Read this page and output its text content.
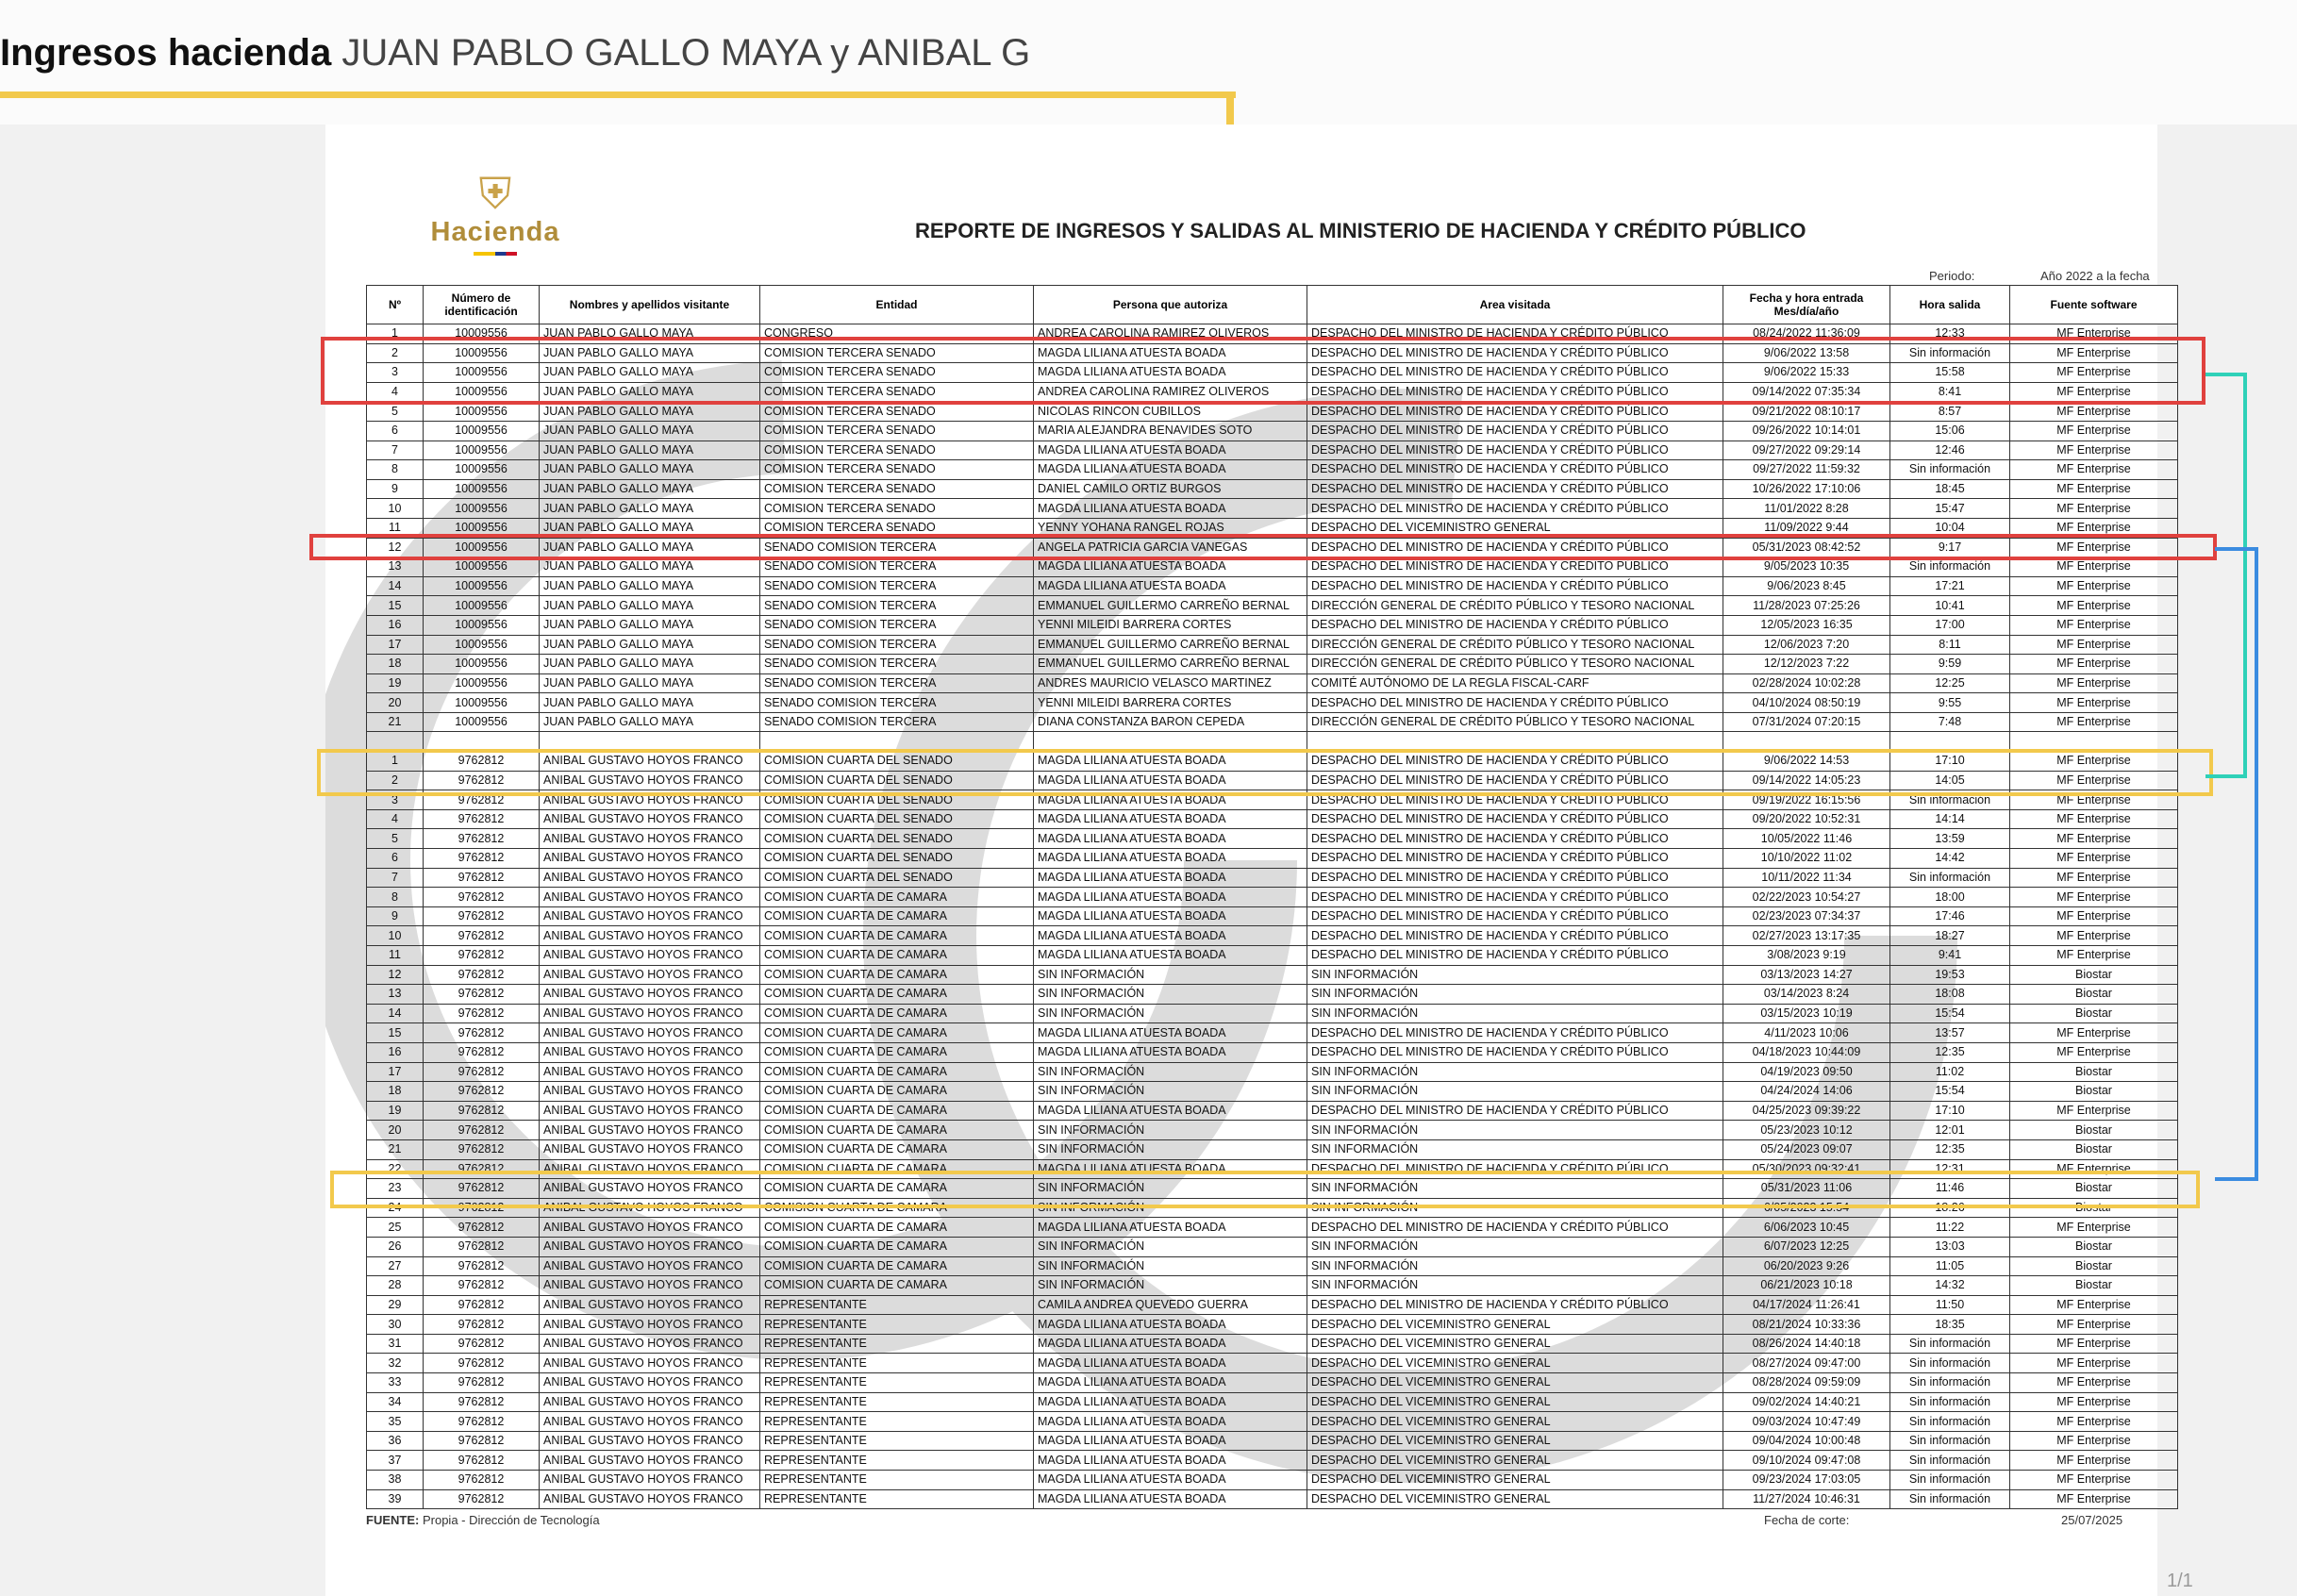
Ingresos hacienda JUAN PABLO GALLO MAYA y ANIBAL G
⛨
Hacienda	REPORTE DE INGRESOS Y SALIDAS AL MINISTERIO DE HACIENDA Y CRÉDITO PÚBLICO
Periodo:	Año 2022 a la fecha
Nº	Número de identificación	Nombres y apellidos visitante	Entidad	Persona que autoriza	Area visitada	Fecha y hora entrada Mes/día/año	Hora salida	Fuente software
1	10009556	JUAN PABLO GALLO MAYA	CONGRESO	ANDREA CAROLINA RAMIREZ OLIVEROS	DESPACHO DEL MINISTRO DE HACIENDA Y CRÉDITO PÚBLICO	08/24/2022 11:36:09	12:33	MF Enterprise
2	10009556	JUAN PABLO GALLO MAYA	COMISION TERCERA SENADO	MAGDA LILIANA ATUESTA BOADA	DESPACHO DEL MINISTRO DE HACIENDA Y CRÉDITO PÚBLICO	9/06/2022 13:58	Sin información	MF Enterprise
3	10009556	JUAN PABLO GALLO MAYA	COMISION TERCERA SENADO	MAGDA LILIANA ATUESTA BOADA	DESPACHO DEL MINISTRO DE HACIENDA Y CRÉDITO PÚBLICO	9/06/2022 15:33	15:58	MF Enterprise
4	10009556	JUAN PABLO GALLO MAYA	COMISION TERCERA SENADO	ANDREA CAROLINA RAMIREZ OLIVEROS	DESPACHO DEL MINISTRO DE HACIENDA Y CRÉDITO PÚBLICO	09/14/2022 07:35:34	8:41	MF Enterprise
5	10009556	JUAN PABLO GALLO MAYA	COMISION TERCERA SENADO	NICOLAS RINCON CUBILLOS	DESPACHO DEL MINISTRO DE HACIENDA Y CRÉDITO PÚBLICO	09/21/2022 08:10:17	8:57	MF Enterprise
6	10009556	JUAN PABLO GALLO MAYA	COMISION TERCERA SENADO	MARIA ALEJANDRA BENAVIDES SOTO	DESPACHO DEL MINISTRO DE HACIENDA Y CRÉDITO PÚBLICO	09/26/2022 10:14:01	15:06	MF Enterprise
7	10009556	JUAN PABLO GALLO MAYA	COMISION TERCERA SENADO	MAGDA LILIANA ATUESTA BOADA	DESPACHO DEL MINISTRO DE HACIENDA Y CRÉDITO PÚBLICO	09/27/2022 09:29:14	12:46	MF Enterprise
8	10009556	JUAN PABLO GALLO MAYA	COMISION TERCERA SENADO	MAGDA LILIANA ATUESTA BOADA	DESPACHO DEL MINISTRO DE HACIENDA Y CRÉDITO PÚBLICO	09/27/2022 11:59:32	Sin información	MF Enterprise
9	10009556	JUAN PABLO GALLO MAYA	COMISION TERCERA SENADO	DANIEL CAMILO ORTIZ BURGOS	DESPACHO DEL MINISTRO DE HACIENDA Y CRÉDITO PÚBLICO	10/26/2022 17:10:06	18:45	MF Enterprise
10	10009556	JUAN PABLO GALLO MAYA	COMISION TERCERA SENADO	MAGDA LILIANA ATUESTA BOADA	DESPACHO DEL MINISTRO DE HACIENDA Y CRÉDITO PÚBLICO	11/01/2022 8:28	15:47	MF Enterprise
11	10009556	JUAN PABLO GALLO MAYA	COMISION TERCERA SENADO	YENNY YOHANA RANGEL ROJAS	DESPACHO DEL VICEMINISTRO GENERAL	11/09/2022 9:44	10:04	MF Enterprise
12	10009556	JUAN PABLO GALLO MAYA	SENADO COMISION TERCERA	ANGELA PATRICIA GARCIA VANEGAS	DESPACHO DEL MINISTRO DE HACIENDA Y CRÉDITO PÚBLICO	05/31/2023 08:42:52	9:17	MF Enterprise
13	10009556	JUAN PABLO GALLO MAYA	SENADO COMISION TERCERA	MAGDA LILIANA ATUESTA BOADA	DESPACHO DEL MINISTRO DE HACIENDA Y CRÉDITO PÚBLICO	9/05/2023 10:35	Sin información	MF Enterprise
14	10009556	JUAN PABLO GALLO MAYA	SENADO COMISION TERCERA	MAGDA LILIANA ATUESTA BOADA	DESPACHO DEL MINISTRO DE HACIENDA Y CRÉDITO PÚBLICO	9/06/2023 8:45	17:21	MF Enterprise
15	10009556	JUAN PABLO GALLO MAYA	SENADO COMISION TERCERA	EMMANUEL GUILLERMO CARREÑO BERNAL	DIRECCIÓN GENERAL DE CRÉDITO PÚBLICO Y TESORO NACIONAL	11/28/2023 07:25:26	10:41	MF Enterprise
16	10009556	JUAN PABLO GALLO MAYA	SENADO COMISION TERCERA	YENNI MILEIDI BARRERA CORTES	DESPACHO DEL MINISTRO DE HACIENDA Y CRÉDITO PÚBLICO	12/05/2023 16:35	17:00	MF Enterprise
17	10009556	JUAN PABLO GALLO MAYA	SENADO COMISION TERCERA	EMMANUEL GUILLERMO CARREÑO BERNAL	DIRECCIÓN GENERAL DE CRÉDITO PÚBLICO Y TESORO NACIONAL	12/06/2023 7:20	8:11	MF Enterprise
18	10009556	JUAN PABLO GALLO MAYA	SENADO COMISION TERCERA	EMMANUEL GUILLERMO CARREÑO BERNAL	DIRECCIÓN GENERAL DE CRÉDITO PÚBLICO Y TESORO NACIONAL	12/12/2023 7:22	9:59	MF Enterprise
19	10009556	JUAN PABLO GALLO MAYA	SENADO COMISION TERCERA	ANDRES MAURICIO VELASCO MARTINEZ	COMITÉ AUTÓNOMO DE LA REGLA FISCAL-CARF	02/28/2024 10:02:28	12:25	MF Enterprise
20	10009556	JUAN PABLO GALLO MAYA	SENADO COMISION TERCERA	YENNI MILEIDI BARRERA CORTES	DESPACHO DEL MINISTRO DE HACIENDA Y CRÉDITO PÚBLICO	04/10/2024 08:50:19	9:55	MF Enterprise
21	10009556	JUAN PABLO GALLO MAYA	SENADO COMISION TERCERA	DIANA CONSTANZA BARON CEPEDA	DIRECCIÓN GENERAL DE CRÉDITO PÚBLICO Y TESORO NACIONAL	07/31/2024 07:20:15	7:48	MF Enterprise

1	9762812	ANIBAL GUSTAVO HOYOS FRANCO	COMISION CUARTA DEL SENADO	MAGDA LILIANA ATUESTA BOADA	DESPACHO DEL MINISTRO DE HACIENDA Y CRÉDITO PÚBLICO	9/06/2022 14:53	17:10	MF Enterprise
2	9762812	ANIBAL GUSTAVO HOYOS FRANCO	COMISION CUARTA DEL SENADO	MAGDA LILIANA ATUESTA BOADA	DESPACHO DEL MINISTRO DE HACIENDA Y CRÉDITO PÚBLICO	09/14/2022 14:05:23	14:05	MF Enterprise
3	9762812	ANIBAL GUSTAVO HOYOS FRANCO	COMISION CUARTA DEL SENADO	MAGDA LILIANA ATUESTA BOADA	DESPACHO DEL MINISTRO DE HACIENDA Y CRÉDITO PÚBLICO	09/19/2022 16:15:56	Sin información	MF Enterprise
4	9762812	ANIBAL GUSTAVO HOYOS FRANCO	COMISION CUARTA DEL SENADO	MAGDA LILIANA ATUESTA BOADA	DESPACHO DEL MINISTRO DE HACIENDA Y CRÉDITO PÚBLICO	09/20/2022 10:52:31	14:14	MF Enterprise
5	9762812	ANIBAL GUSTAVO HOYOS FRANCO	COMISION CUARTA DEL SENADO	MAGDA LILIANA ATUESTA BOADA	DESPACHO DEL MINISTRO DE HACIENDA Y CRÉDITO PÚBLICO	10/05/2022 11:46	13:59	MF Enterprise
6	9762812	ANIBAL GUSTAVO HOYOS FRANCO	COMISION CUARTA DEL SENADO	MAGDA LILIANA ATUESTA BOADA	DESPACHO DEL MINISTRO DE HACIENDA Y CRÉDITO PÚBLICO	10/10/2022 11:02	14:42	MF Enterprise
7	9762812	ANIBAL GUSTAVO HOYOS FRANCO	COMISION CUARTA DEL SENADO	MAGDA LILIANA ATUESTA BOADA	DESPACHO DEL MINISTRO DE HACIENDA Y CRÉDITO PÚBLICO	10/11/2022 11:34	Sin información	MF Enterprise
8	9762812	ANIBAL GUSTAVO HOYOS FRANCO	COMISION CUARTA DE CAMARA	MAGDA LILIANA ATUESTA BOADA	DESPACHO DEL MINISTRO DE HACIENDA Y CRÉDITO PÚBLICO	02/22/2023 10:54:27	18:00	MF Enterprise
9	9762812	ANIBAL GUSTAVO HOYOS FRANCO	COMISION CUARTA DE CAMARA	MAGDA LILIANA ATUESTA BOADA	DESPACHO DEL MINISTRO DE HACIENDA Y CRÉDITO PÚBLICO	02/23/2023 07:34:37	17:46	MF Enterprise
10	9762812	ANIBAL GUSTAVO HOYOS FRANCO	COMISION CUARTA DE CAMARA	MAGDA LILIANA ATUESTA BOADA	DESPACHO DEL MINISTRO DE HACIENDA Y CRÉDITO PÚBLICO	02/27/2023 13:17:35	18:27	MF Enterprise
11	9762812	ANIBAL GUSTAVO HOYOS FRANCO	COMISION CUARTA DE CAMARA	MAGDA LILIANA ATUESTA BOADA	DESPACHO DEL MINISTRO DE HACIENDA Y CRÉDITO PÚBLICO	3/08/2023 9:19	9:41	MF Enterprise
12	9762812	ANIBAL GUSTAVO HOYOS FRANCO	COMISION CUARTA DE CAMARA	SIN INFORMACIÓN	SIN INFORMACIÓN	03/13/2023 14:27	19:53	Biostar
13	9762812	ANIBAL GUSTAVO HOYOS FRANCO	COMISION CUARTA DE CAMARA	SIN INFORMACIÓN	SIN INFORMACIÓN	03/14/2023 8:24	18:08	Biostar
14	9762812	ANIBAL GUSTAVO HOYOS FRANCO	COMISION CUARTA DE CAMARA	SIN INFORMACIÓN	SIN INFORMACIÓN	03/15/2023 10:19	15:54	Biostar
15	9762812	ANIBAL GUSTAVO HOYOS FRANCO	COMISION CUARTA DE CAMARA	MAGDA LILIANA ATUESTA BOADA	DESPACHO DEL MINISTRO DE HACIENDA Y CRÉDITO PÚBLICO	4/11/2023 10:06	13:57	MF Enterprise
16	9762812	ANIBAL GUSTAVO HOYOS FRANCO	COMISION CUARTA DE CAMARA	MAGDA LILIANA ATUESTA BOADA	DESPACHO DEL MINISTRO DE HACIENDA Y CRÉDITO PÚBLICO	04/18/2023 10:44:09	12:35	MF Enterprise
17	9762812	ANIBAL GUSTAVO HOYOS FRANCO	COMISION CUARTA DE CAMARA	SIN INFORMACIÓN	SIN INFORMACIÓN	04/19/2023 09:50	11:02	Biostar
18	9762812	ANIBAL GUSTAVO HOYOS FRANCO	COMISION CUARTA DE CAMARA	SIN INFORMACIÓN	SIN INFORMACIÓN	04/24/2024 14:06	15:54	Biostar
19	9762812	ANIBAL GUSTAVO HOYOS FRANCO	COMISION CUARTA DE CAMARA	MAGDA LILIANA ATUESTA BOADA	DESPACHO DEL MINISTRO DE HACIENDA Y CRÉDITO PÚBLICO	04/25/2023 09:39:22	17:10	MF Enterprise
20	9762812	ANIBAL GUSTAVO HOYOS FRANCO	COMISION CUARTA DE CAMARA	SIN INFORMACIÓN	SIN INFORMACIÓN	05/23/2023 10:12	12:01	Biostar
21	9762812	ANIBAL GUSTAVO HOYOS FRANCO	COMISION CUARTA DE CAMARA	SIN INFORMACIÓN	SIN INFORMACIÓN	05/24/2023 09:07	12:35	Biostar
22	9762812	ANIBAL GUSTAVO HOYOS FRANCO	COMISION CUARTA DE CAMARA	MAGDA LILIANA ATUESTA BOADA	DESPACHO DEL MINISTRO DE HACIENDA Y CRÉDITO PÚBLICO	05/30/2023 09:32:41	12:31	MF Enterprise
23	9762812	ANIBAL GUSTAVO HOYOS FRANCO	COMISION CUARTA DE CAMARA	SIN INFORMACIÓN	SIN INFORMACIÓN	05/31/2023 11:06	11:46	Biostar
24	9762812	ANIBAL GUSTAVO HOYOS FRANCO	COMISION CUARTA DE CAMARA	SIN INFORMACIÓN	SIN INFORMACIÓN	6/05/2023 15:54	18:26	Biostar
25	9762812	ANIBAL GUSTAVO HOYOS FRANCO	COMISION CUARTA DE CAMARA	MAGDA LILIANA ATUESTA BOADA	DESPACHO DEL MINISTRO DE HACIENDA Y CRÉDITO PÚBLICO	6/06/2023 10:45	11:22	MF Enterprise
26	9762812	ANIBAL GUSTAVO HOYOS FRANCO	COMISION CUARTA DE CAMARA	SIN INFORMACIÓN	SIN INFORMACIÓN	6/07/2023 12:25	13:03	Biostar
27	9762812	ANIBAL GUSTAVO HOYOS FRANCO	COMISION CUARTA DE CAMARA	SIN INFORMACIÓN	SIN INFORMACIÓN	06/20/2023 9:26	11:05	Biostar
28	9762812	ANIBAL GUSTAVO HOYOS FRANCO	COMISION CUARTA DE CAMARA	SIN INFORMACIÓN	SIN INFORMACIÓN	06/21/2023 10:18	14:32	Biostar
29	9762812	ANIBAL GUSTAVO HOYOS FRANCO	REPRESENTANTE	CAMILA ANDREA QUEVEDO GUERRA	DESPACHO DEL MINISTRO DE HACIENDA Y CRÉDITO PÚBLICO	04/17/2024 11:26:41	11:50	MF Enterprise
30	9762812	ANIBAL GUSTAVO HOYOS FRANCO	REPRESENTANTE	MAGDA LILIANA ATUESTA BOADA	DESPACHO DEL VICEMINISTRO GENERAL	08/21/2024 10:33:36	18:35	MF Enterprise
31	9762812	ANIBAL GUSTAVO HOYOS FRANCO	REPRESENTANTE	MAGDA LILIANA ATUESTA BOADA	DESPACHO DEL VICEMINISTRO GENERAL	08/26/2024 14:40:18	Sin información	MF Enterprise
32	9762812	ANIBAL GUSTAVO HOYOS FRANCO	REPRESENTANTE	MAGDA LILIANA ATUESTA BOADA	DESPACHO DEL VICEMINISTRO GENERAL	08/27/2024 09:47:00	Sin información	MF Enterprise
33	9762812	ANIBAL GUSTAVO HOYOS FRANCO	REPRESENTANTE	MAGDA LILIANA ATUESTA BOADA	DESPACHO DEL VICEMINISTRO GENERAL	08/28/2024 09:59:09	Sin información	MF Enterprise
34	9762812	ANIBAL GUSTAVO HOYOS FRANCO	REPRESENTANTE	MAGDA LILIANA ATUESTA BOADA	DESPACHO DEL VICEMINISTRO GENERAL	09/02/2024 14:40:21	Sin información	MF Enterprise
35	9762812	ANIBAL GUSTAVO HOYOS FRANCO	REPRESENTANTE	MAGDA LILIANA ATUESTA BOADA	DESPACHO DEL VICEMINISTRO GENERAL	09/03/2024 10:47:49	Sin información	MF Enterprise
36	9762812	ANIBAL GUSTAVO HOYOS FRANCO	REPRESENTANTE	MAGDA LILIANA ATUESTA BOADA	DESPACHO DEL VICEMINISTRO GENERAL	09/04/2024 10:00:48	Sin información	MF Enterprise
37	9762812	ANIBAL GUSTAVO HOYOS FRANCO	REPRESENTANTE	MAGDA LILIANA ATUESTA BOADA	DESPACHO DEL VICEMINISTRO GENERAL	09/10/2024 09:47:08	Sin información	MF Enterprise
38	9762812	ANIBAL GUSTAVO HOYOS FRANCO	REPRESENTANTE	MAGDA LILIANA ATUESTA BOADA	DESPACHO DEL VICEMINISTRO GENERAL	09/23/2024 17:03:05	Sin información	MF Enterprise
39	9762812	ANIBAL GUSTAVO HOYOS FRANCO	REPRESENTANTE	MAGDA LILIANA ATUESTA BOADA	DESPACHO DEL VICEMINISTRO GENERAL	11/27/2024 10:46:31	Sin información	MF Enterprise
FUENTE: Propia - Dirección de Tecnología	Fecha de corte:	25/07/2025
1/1
